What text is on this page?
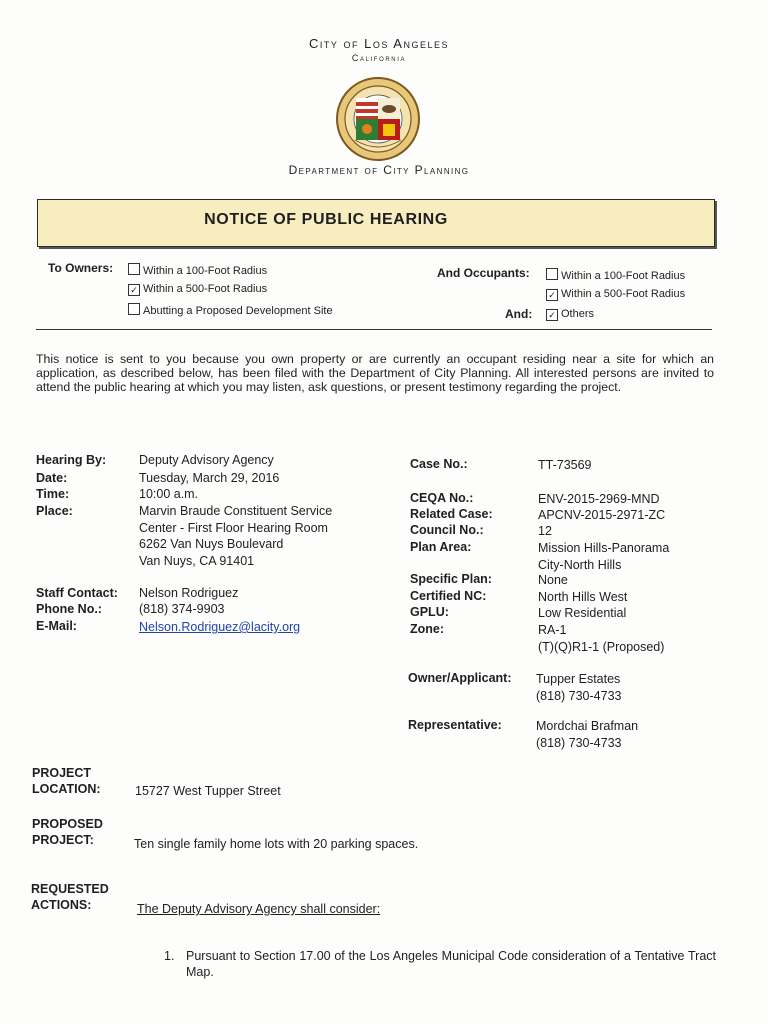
City of Los Angeles
California
Department of City Planning
NOTICE OF PUBLIC HEARING
To Owners:	Within a 100-Foot Radius
✓ Within a 500-Foot Radius
Abutting a Proposed Development Site
And Occupants:	Within a 100-Foot Radius
✓ Within a 500-Foot Radius
And: ✓ Others
This notice is sent to you because you own property or are currently an occupant residing near a site for which an application, as described below, has been filed with the Department of City Planning. All interested persons are invited to attend the public hearing at which you may listen, ask questions, or present testimony regarding the project.
Hearing By:	Deputy Advisory Agency
Date:	Tuesday, March 29, 2016
Time:	10:00 a.m.
Place:	Marvin Braude Constituent Service
Center - First Floor Hearing Room
6262 Van Nuys Boulevard
Van Nuys, CA 91401
Staff Contact: Nelson Rodriguez
Phone No.:	(818) 374-9903
E-Mail:	Nelson.Rodriguez@lacity.org
Case No.:	TT-73569
CEQA No.:	ENV-2015-2969-MND
Related Case:	APCNV-2015-2971-ZC
Council No.:	12
Plan Area:	Mission Hills-Panorama
City-North Hills
Specific Plan:	None
Certified NC:	North Hills West
GPLU:	Low Residential
Zone:	RA-1
(T)(Q)R1-1 (Proposed)
Owner/Applicant: Tupper Estates
(818) 730-4733
Representative:	Mordchai Brafman
(818) 730-4733
PROJECT
LOCATION:	15727 West Tupper Street
PROPOSED
PROJECT:	Ten single family home lots with 20 parking spaces.
REQUESTED
ACTIONS:	The Deputy Advisory Agency shall consider:
1. Pursuant to Section 17.00 of the Los Angeles Municipal Code consideration of a Tentative Tract Map.
